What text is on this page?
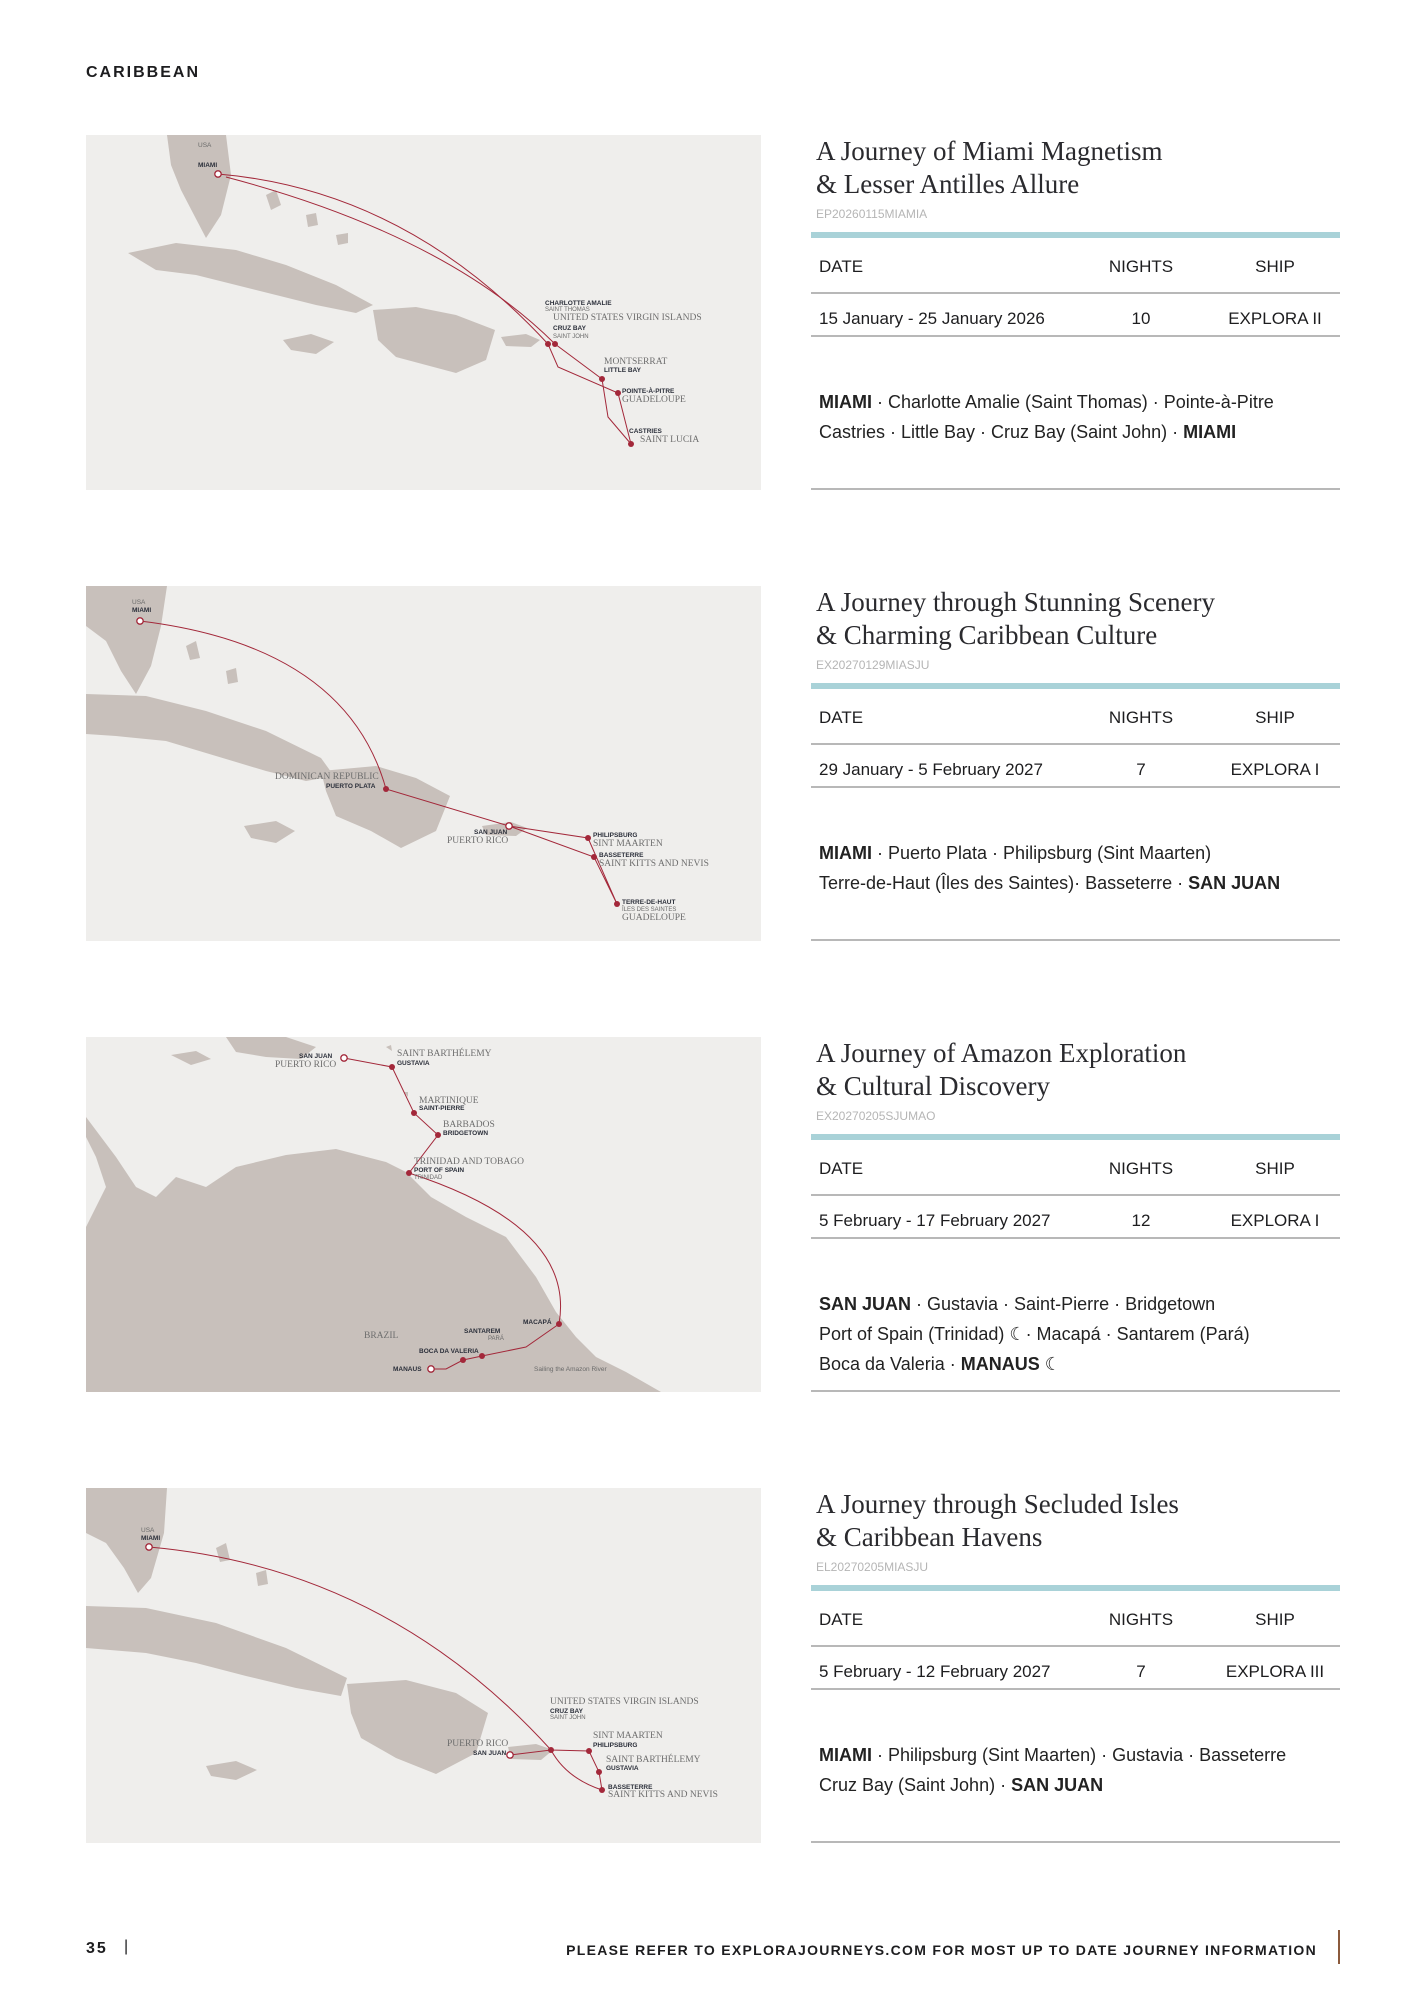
CARIBBEAN
USA
MIAMI
CHARLOTTE AMALIE
SAINT THOMAS
UNITED STATES VIRGIN ISLANDS
CRUZ BAY
SAINT JOHN
MONTSERRAT
LITTLE BAY
POINTE-À-PITRE
GUADELOUPE
CASTRIES
SAINT LUCIA
A Journey of Miami Magnetism
& Lesser Antilles Allure
EP20260115MIAMIA
DATE	NIGHTS	SHIP
15 January - 25 January 2026	10	EXPLORA II
MIAMI · Charlotte Amalie (Saint Thomas) · Pointe-à-Pitre
Castries · Little Bay · Cruz Bay (Saint John) · MIAMI
USA
MIAMI
DOMINICAN REPUBLIC
PUERTO PLATA
SAN JUAN
PUERTO RICO
PHILIPSBURG
SINT MAARTEN
BASSETERRE
SAINT KITTS AND NEVIS
TERRE-DE-HAUT
ÎLES DES SAINTES
GUADELOUPE
A Journey through Stunning Scenery
& Charming Caribbean Culture
EX20270129MIASJU
DATE	NIGHTS	SHIP
29 January - 5 February 2027	7	EXPLORA I
MIAMI · Puerto Plata · Philipsburg (Sint Maarten)
Terre-de-Haut (Îles des Saintes)· Basseterre · SAN JUAN
SAN JUAN
PUERTO RICO
SAINT BARTHÉLEMY
GUSTAVIA
MARTINIQUE
SAINT-PIERRE
BARBADOS
BRIDGETOWN
TRINIDAD AND TOBAGO
PORT OF SPAIN
TRINIDAD
MACAPÁ
SANTAREM
PARÁ
BOCA DA VALERIA
MANAUS
BRAZIL
Sailing the Amazon River
A Journey of Amazon Exploration
& Cultural Discovery
EX20270205SJUMAO
DATE	NIGHTS	SHIP
5 February - 17 February 2027	12	EXPLORA I
SAN JUAN · Gustavia · Saint-Pierre · Bridgetown
Port of Spain (Trinidad) ☾· Macapá · Santarem (Pará)
Boca da Valeria · MANAUS ☾
USA
MIAMI
UNITED STATES VIRGIN ISLANDS
CRUZ BAY
SAINT JOHN
PUERTO RICO
SAN JUAN
SINT MAARTEN
PHILIPSBURG
SAINT BARTHÉLEMY
GUSTAVIA
BASSETERRE
SAINT KITTS AND NEVIS
A Journey through Secluded Isles
& Caribbean Havens
EL20270205MIASJU
DATE	NIGHTS	SHIP
5 February - 12 February 2027	7	EXPLORA III
MIAMI · Philipsburg (Sint Maarten) · Gustavia · Basseterre
Cruz Bay (Saint John) · SAN JUAN
35 |	PLEASE REFER TO EXPLORAJOURNEYS.COM FOR MOST UP TO DATE JOURNEY INFORMATION
